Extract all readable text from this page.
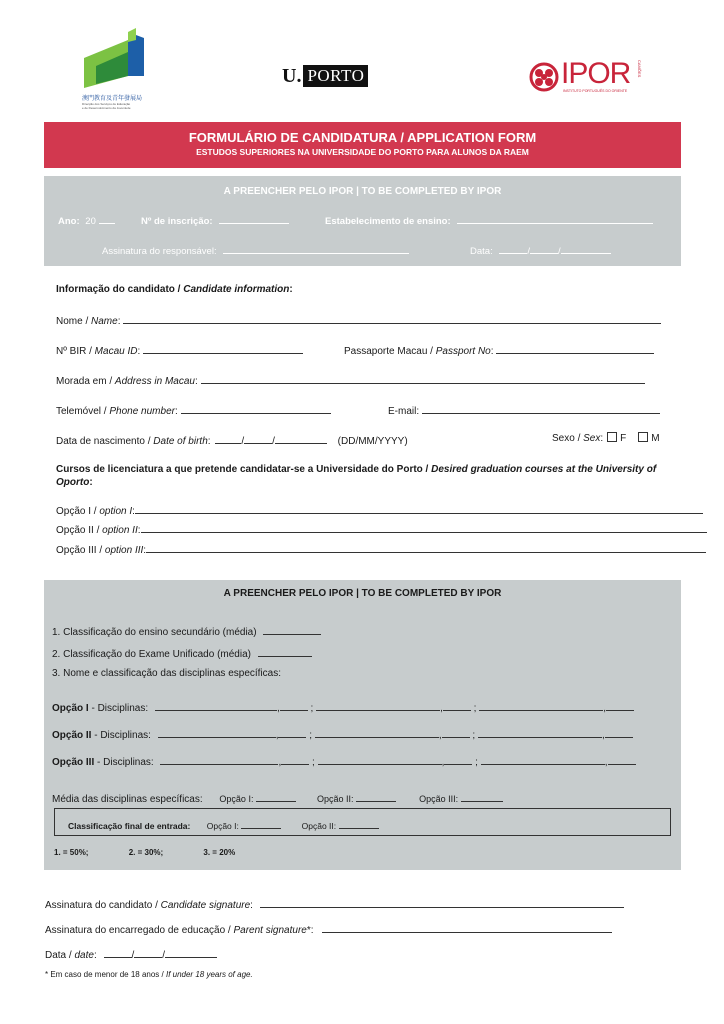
澳門教育及青年發展局
Direcção dos Serviços de Educação
e de Desenvolvimento da Juventude
U. PORTO	IPOR
INSTITUTO PORTUGUÊS DO ORIENTE
CAMÕES
FORMULÁRIO DE CANDIDATURA / APPLICATION FORM
ESTUDOS SUPERIORES NA UNIVERSIDADE DO PORTO PARA ALUNOS DA RAEM
A PREENCHER PELO IPOR | TO BE COMPLETED BY IPOR
Ano: 20	Nº de inscrição:	Estabelecimento de ensino:
Assinatura do responsável:	Data:	/	/
Informação do candidato / Candidate information:
Nome / Name:
Nº BIR / Macau ID:	Passaporte Macau / Passport No:
Morada em / Address in Macau:
Telemóvel / Phone number:	E-mail:
Data de nascimento / Date of birth:	/	/	(DD/MM/YYYY)	Sexo / Sex: F	M
Cursos de licenciatura a que pretende candidatar-se a Universidade do Porto / Desired graduation courses at the University of Oporto:
Opção I / option I:
Opção II / option II:
Opção III / option III:
A PREENCHER PELO IPOR | TO BE COMPLETED BY IPOR
1. Classificação do ensino secundário (média)
2. Classificação do Exame Unificado (média)
3. Nome e classificação das disciplinas específicas:
Opção I - Disciplinas:	,	;	,	;	,
Opção II - Disciplinas:	,	;	,	;	,
Opção III - Disciplinas:	,	;	,	;	,
Média das disciplinas específicas: Opção I:	Opção II:	Opção III:
Classificação final de entrada: Opção I:	Opção II:
1. = 50%;	2. = 30%;	3. = 20%
Assinatura do candidato / Candidate signature:
Assinatura do encarregado de educação / Parent signature*:
Data / date:	/	/
* Em caso de menor de 18 anos / If under 18 years of age.
